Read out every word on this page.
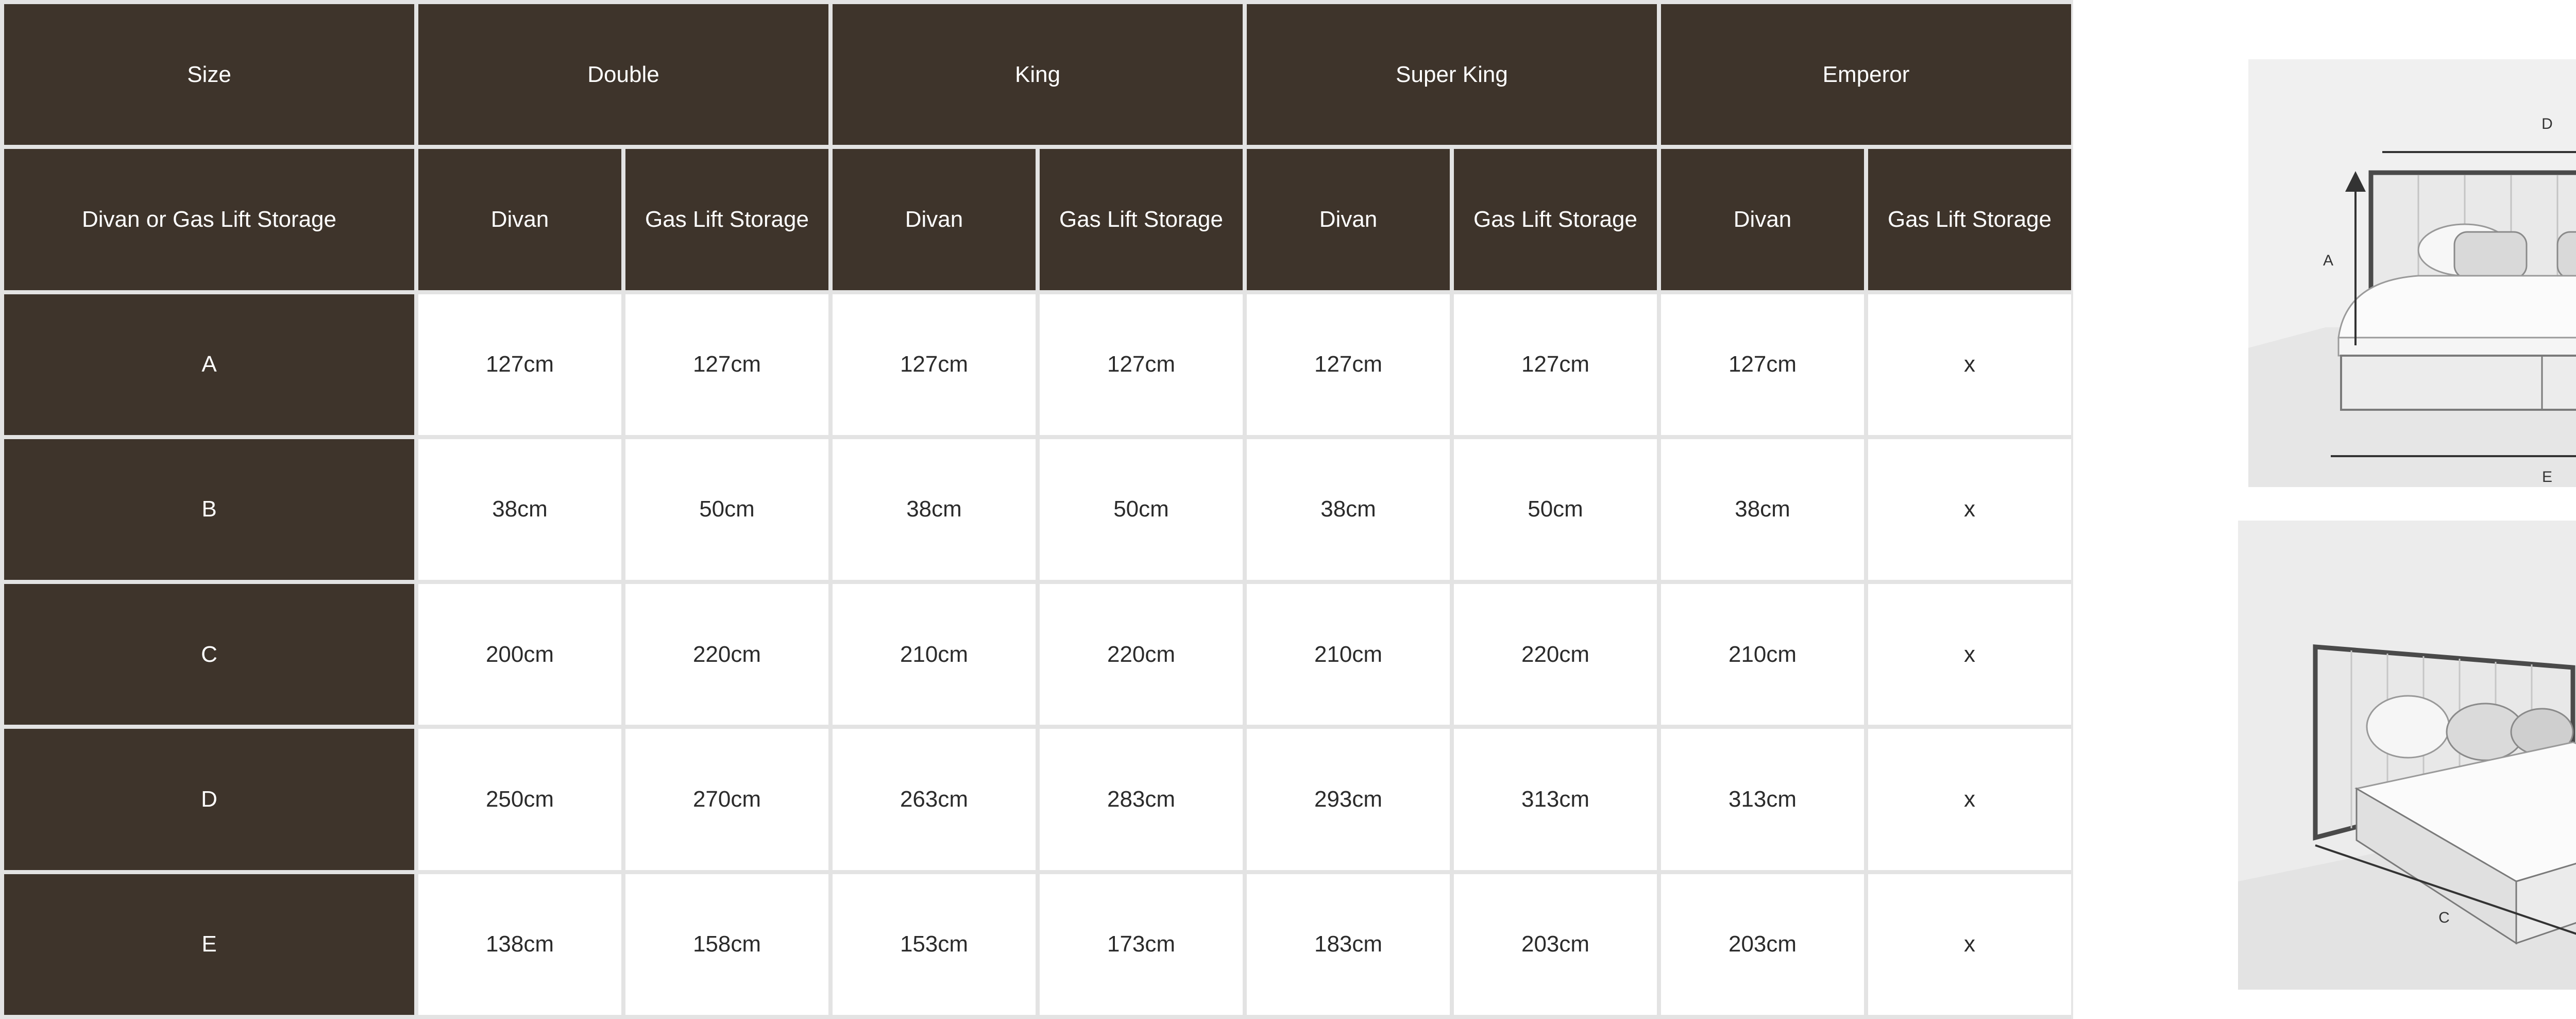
Size	Double		King		Super King		Emperor	
Divan or Gas Lift Storage	Divan	Gas Lift Storage	Divan	Gas Lift Storage	Divan	Gas Lift Storage	Divan	Gas Lift Storage
A	127cm	127cm	127cm	127cm	127cm	127cm	127cm	x
B	38cm	50cm	38cm	50cm	38cm	50cm	38cm	x
C	200cm	220cm	210cm	220cm	210cm	220cm	210cm	x
D	250cm	270cm	263cm	283cm	293cm	313cm	313cm	x
E	138cm	158cm	153cm	173cm	183cm	203cm	203cm	x
D
A
E
C
